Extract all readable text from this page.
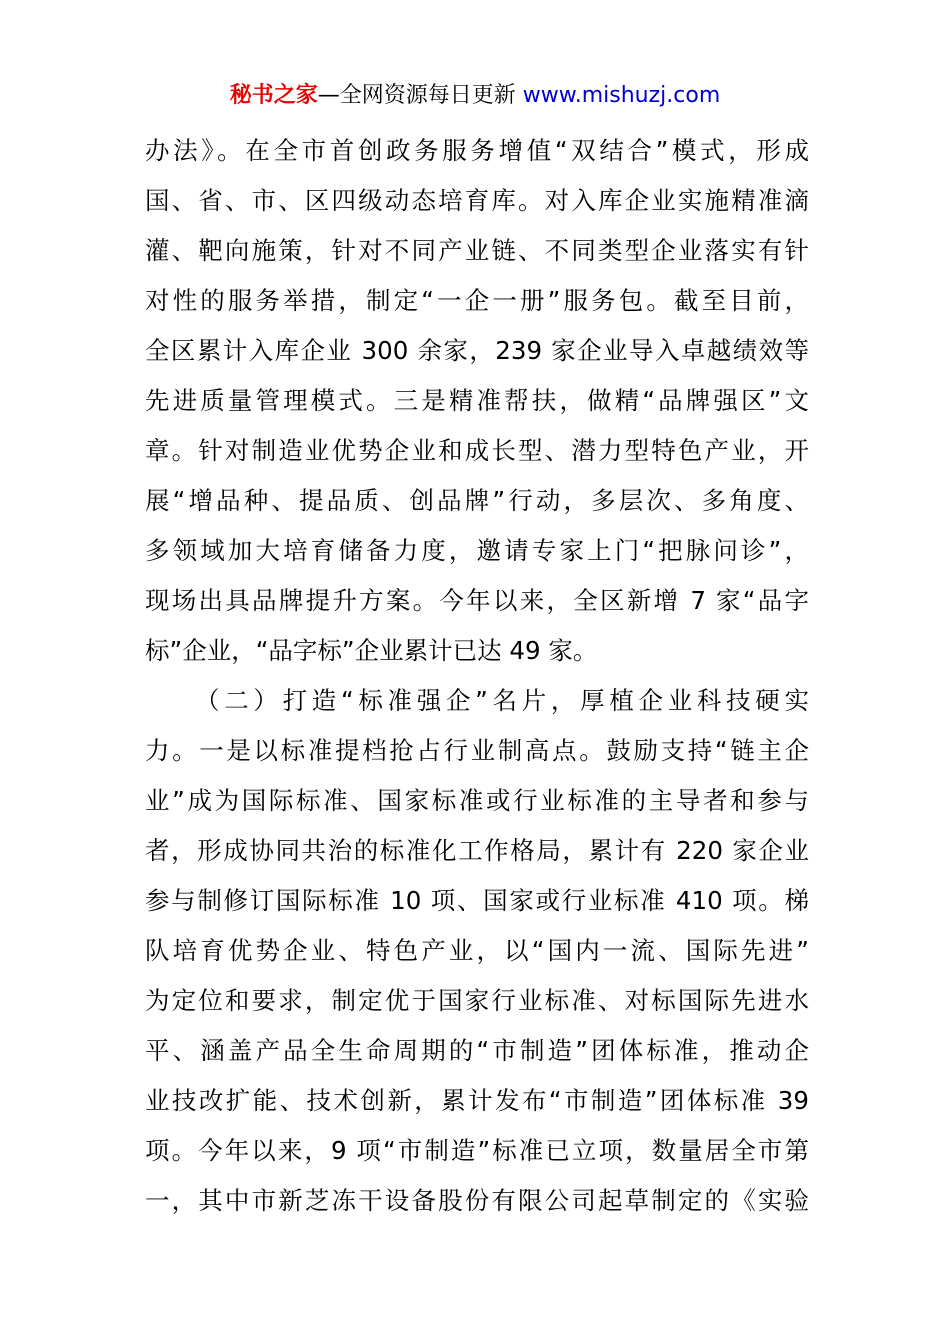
秘书之家—全网资源每日更新 www.mishuzj.com
办法》。在全市首创政务服务增值“双结合”模式，形成
国、省、市、区四级动态培育库。对入库企业实施精准滴
灌、靶向施策，针对不同产业链、不同类型企业落实有针
对性的服务举措，制定“一企一册”服务包。截至目前，
全区累计入库企业 300 余家，239 家企业导入卓越绩效等
先进质量管理模式。三是精准帮扶，做精“品牌强区”文
章。针对制造业优势企业和成长型、潜力型特色产业，开
展“增品种、提品质、创品牌”行动，多层次、多角度、
多领域加大培育储备力度，邀请专家上门“把脉问诊”，
现场出具品牌提升方案。今年以来，全区新增 7 家“品字
标”企业，“品字标”企业累计已达 49 家。
（二）打造“标准强企”名片，厚植企业科技硬实
力。一是以标准提档抢占行业制高点。鼓励支持“链主企
业”成为国际标准、国家标准或行业标准的主导者和参与
者，形成协同共治的标准化工作格局，累计有 220 家企业
参与制修订国际标准 10 项、国家或行业标准 410 项。梯
队培育优势企业、特色产业，以“国内一流、国际先进”
为定位和要求，制定优于国家行业标准、对标国际先进水
平、涵盖产品全生命周期的“市制造”团体标准，推动企
业技改扩能、技术创新，累计发布“市制造”团体标准 39
项。今年以来，9 项“市制造”标准已立项，数量居全市第
一，其中市新芝冻干设备股份有限公司起草制定的《实验
